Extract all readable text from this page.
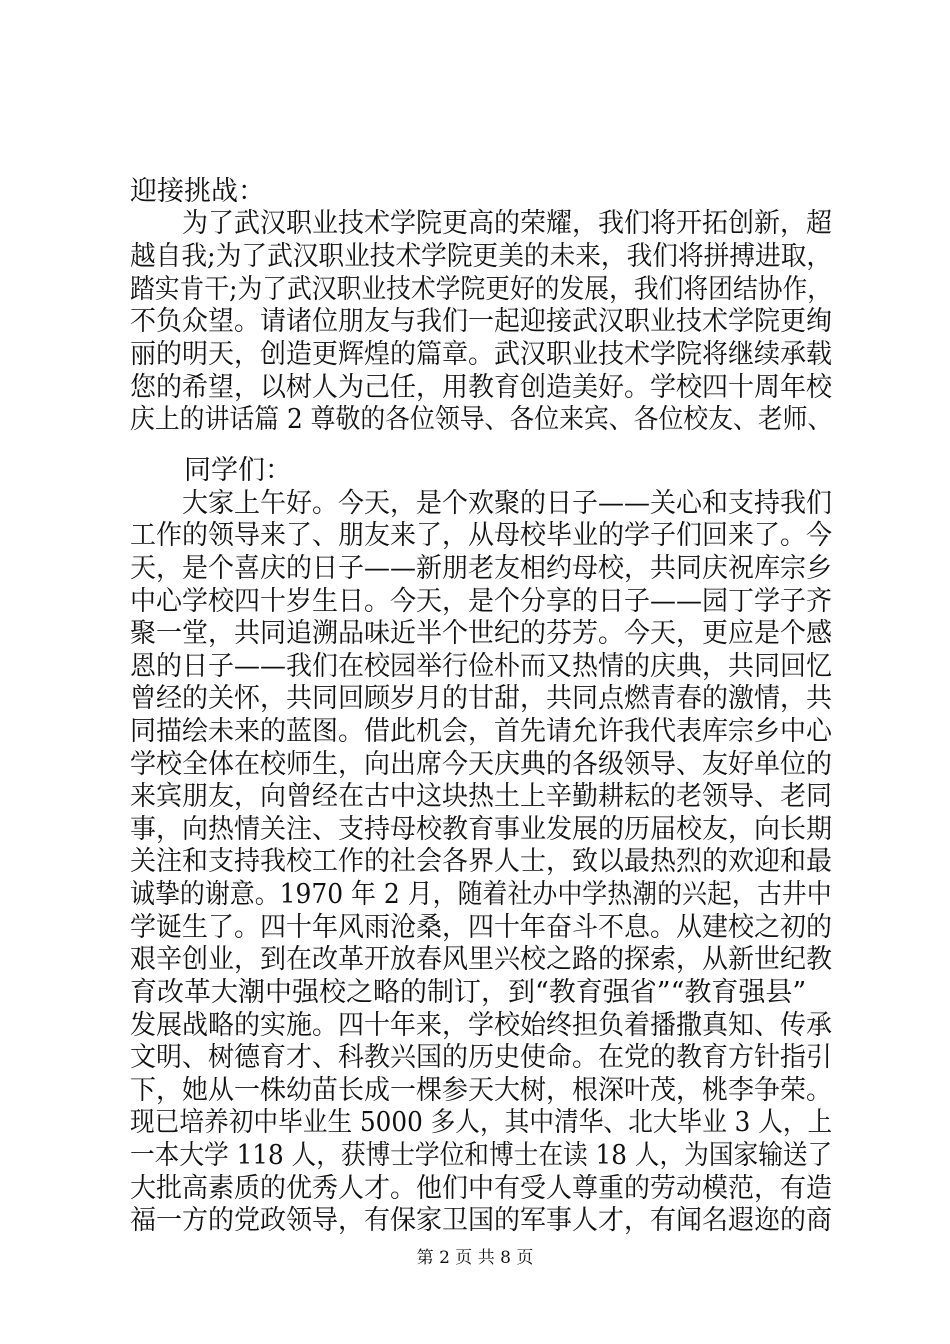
迎接挑战：
　　为了武汉职业技术学院更高的荣耀，我们将开拓创新，超
越自我;为了武汉职业技术学院更美的未来，我们将拼搏进取，
踏实肯干;为了武汉职业技术学院更好的发展，我们将团结协作，
不负众望。请诸位朋友与我们一起迎接武汉职业技术学院更绚
丽的明天，创造更辉煌的篇章。武汉职业技术学院将继续承载
您的希望，以树人为己任，用教育创造美好。学校四十周年校
庆上的讲话篇 2 尊敬的各位领导、各位来宾、各位校友、老师、
　　同学们：
　　大家上午好。今天，是个欢聚的日子——关心和支持我们
工作的领导来了、朋友来了，从母校毕业的学子们回来了。今
天，是个喜庆的日子——新朋老友相约母校，共同庆祝库宗乡
中心学校四十岁生日。今天，是个分享的日子——园丁学子齐
聚一堂，共同追溯品味近半个世纪的芬芳。今天，更应是个感
恩的日子——我们在校园举行俭朴而又热情的庆典，共同回忆
曾经的关怀，共同回顾岁月的甘甜，共同点燃青春的激情，共
同描绘未来的蓝图。借此机会，首先请允许我代表库宗乡中心
学校全体在校师生，向出席今天庆典的各级领导、友好单位的
来宾朋友，向曾经在古中这块热土上辛勤耕耘的老领导、老同
事，向热情关注、支持母校教育事业发展的历届校友，向长期
关注和支持我校工作的社会各界人士，致以最热烈的欢迎和最
诚挚的谢意。1970 年 2 月，随着社办中学热潮的兴起，古井中
学诞生了。四十年风雨沧桑，四十年奋斗不息。从建校之初的
艰辛创业，到在改革开放春风里兴校之路的探索，从新世纪教
育改革大潮中强校之略的制订，到“教育强省”“教育强县”
发展战略的实施。四十年来，学校始终担负着播撒真知、传承
文明、树德育才、科教兴国的历史使命。在党的教育方针指引
下，她从一株幼苗长成一棵参天大树，根深叶茂，桃李争荣。
现已培养初中毕业生 5000 多人，其中清华、北大毕业 3 人，上
一本大学 118 人，获博士学位和博士在读 18 人，为国家输送了
大批高素质的优秀人才。他们中有受人尊重的劳动模范，有造
福一方的党政领导，有保家卫国的军事人才，有闻名遐迩的商
第 2 页 共 8 页
